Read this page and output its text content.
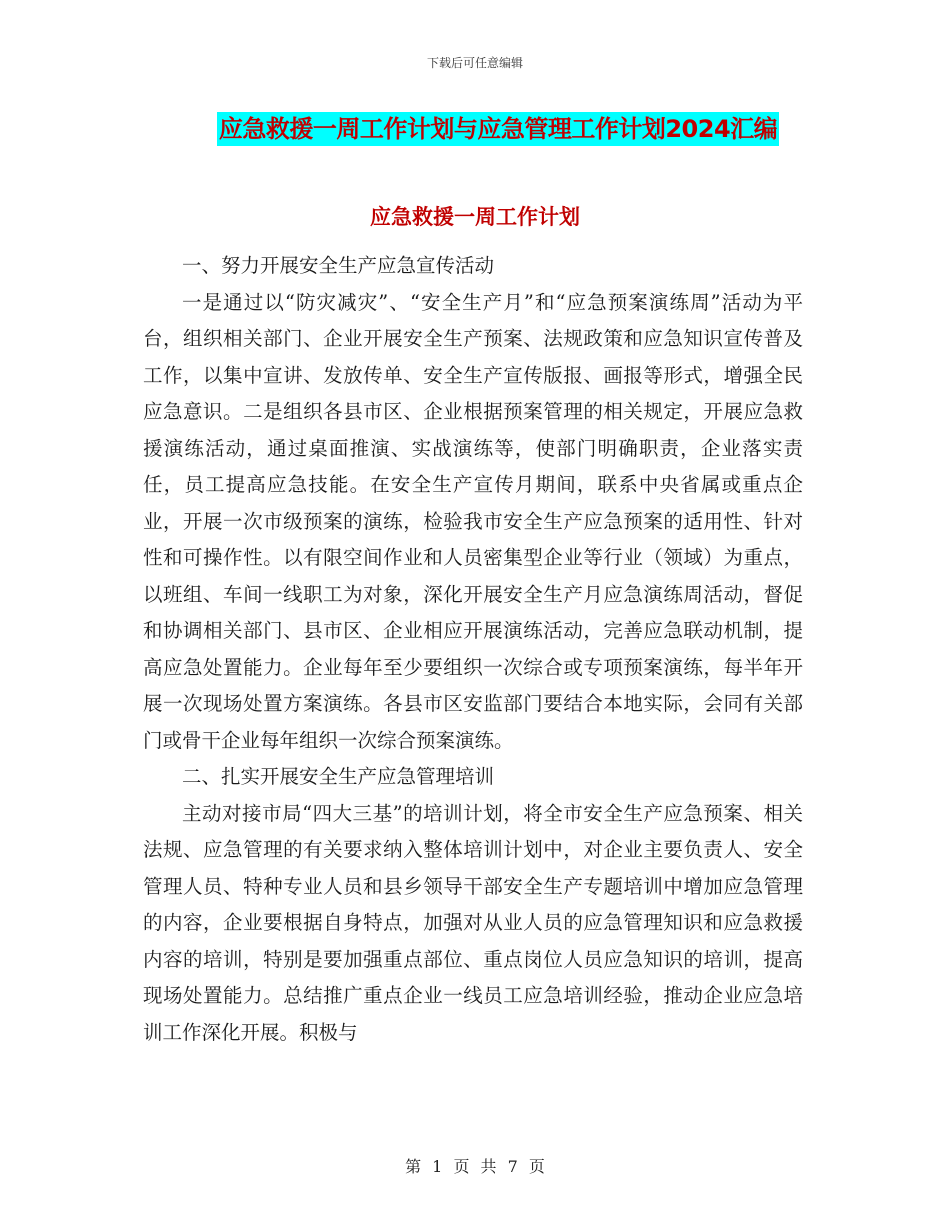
下载后可任意编辑
应急救援一周工作计划与应急管理工作计划2024汇编
应急救援一周工作计划

一、努力开展安全生产应急宣传活动

一是通过以“防灾减灾”、“安全生产月”和“应急预案演练周”活动为平台，组织相关部门、企业开展安全生产预案、法规政策和应急知识宣传普及工作，以集中宣讲、发放传单、安全生产宣传版报、画报等形式，增强全民应急意识。二是组织各县市区、企业根据预案管理的相关规定，开展应急救援演练活动，通过桌面推演、实战演练等，使部门明确职责，企业落实责任，员工提高应急技能。在安全生产宣传月期间，联系中央省属或重点企业，开展一次市级预案的演练，检验我市安全生产应急预案的适用性、针对性和可操作性。以有限空间作业和人员密集型企业等行业（领域）为重点，以班组、车间一线职工为对象，深化开展安全生产月应急演练周活动，督促和协调相关部门、县市区、企业相应开展演练活动，完善应急联动机制，提高应急处置能力。企业每年至少要组织一次综合或专项预案演练，每半年开展一次现场处置方案演练。各县市区安监部门要结合本地实际，会同有关部门或骨干企业每年组织一次综合预案演练。

二、扎实开展安全生产应急管理培训

主动对接市局“四大三基”的培训计划，将全市安全生产应急预案、相关法规、应急管理的有关要求纳入整体培训计划中，对企业主要负责人、安全管理人员、特种专业人员和县乡领导干部安全生产专题培训中增加应急管理的内容，企业要根据自身特点，加强对从业人员的应急管理知识和应急救援内容的培训，特别是要加强重点部位、重点岗位人员应急知识的培训，提高现场处置能力。总结推广重点企业一线员工应急培训经验，推动企业应急培训工作深化开展。积极与

第 1 页 共 7 页
